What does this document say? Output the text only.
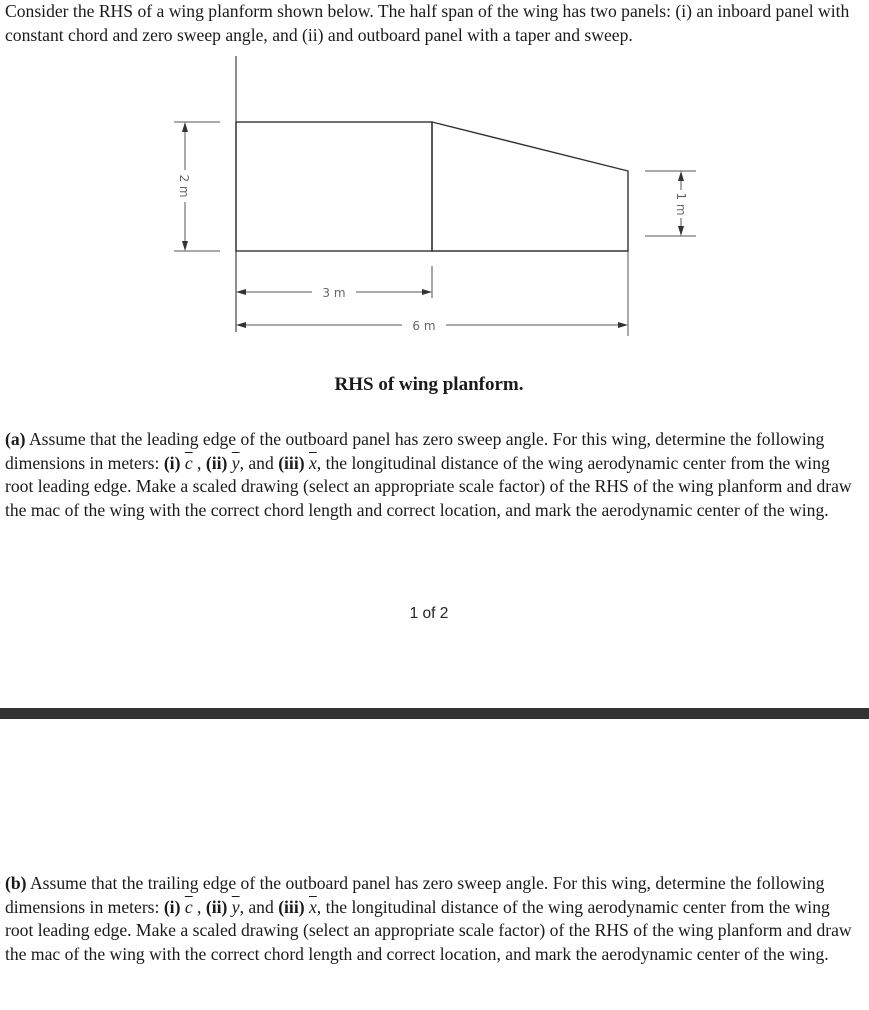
Consider the RHS of a wing planform shown below. The half span of the wing has two panels: (i) an inboard panel with constant chord and zero sweep angle, and (ii) and outboard panel with a taper and sweep.

2 m
1 m
3 m
6 m
RHS of wing planform.

(a) Assume that the leading edge of the outboard panel has zero sweep angle. For this wing, determine the following dimensions in meters: (i) $\overline{c}$ , (ii) $\overline{y}$, and (iii) $\overline{x}$, the longitudinal distance of the wing aerodynamic center from the wing root leading edge. Make a scaled drawing (select an appropriate scale factor) of the RHS of the wing planform and draw the mac of the wing with the correct chord length and correct location, and mark the aerodynamic center of the wing.

1 of 2

(b) Assume that the trailing edge of the outboard panel has zero sweep angle. For this wing, determine the following dimensions in meters: (i) $\overline{c}$ , (ii) $\overline{y}$, and (iii) $\overline{x}$, the longitudinal distance of the wing aerodynamic center from the wing root leading edge. Make a scaled drawing (select an appropriate scale factor) of the RHS of the wing planform and draw the mac of the wing with the correct chord length and correct location, and mark the aerodynamic center of the wing.
